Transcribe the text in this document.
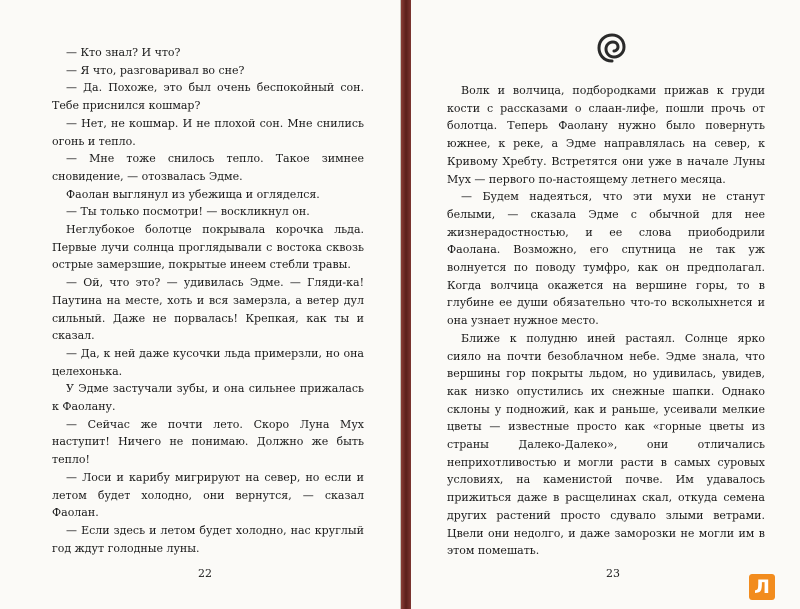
— Кто знал? И что?

— Я что, разговаривал во сне?

— Да. Похоже, это был очень беспокойный сон. Тебе приснился кошмар?

— Нет, не кошмар. И не плохой сон. Мне снились огонь и тепло.

— Мне тоже снилось тепло. Такое зимнее сновидение, — отозвалась Эдме.

Фаолан выглянул из убежища и огляделся.

— Ты только посмотри! — воскликнул он.

Неглубокое болотце покрывала корочка льда. Первые лучи солнца проглядывали с востока сквозь острые замерзшие, покрытые инеем стебли травы.

— Ой, что это? — удивилась Эдме. — Гляди-ка! Паутина на месте, хоть и вся замерзла, а ветер дул сильный. Даже не порвалась! Крепкая, как ты и сказал.

— Да, к ней даже кусочки льда примерзли, но она целехонька.

У Эдме застучали зубы, и она сильнее прижалась к Фаолану.

— Сейчас же почти лето. Скоро Луна Мух наступит! Ничего не понимаю. Должно же быть тепло!

— Лоси и карибу мигрируют на север, но если и летом будет холодно, они вернутся, — сказал Фаолан.

— Если здесь и летом будет холодно, нас круглый год ждут голодные луны.

22

Волк и волчица, подбородками прижав к груди кости с рассказами о слаан-лифе, пошли прочь от болотца. Теперь Фаолану нужно было повернуть южнее, к реке, а Эдме направлялась на север, к Кривому Хребту. Встретятся они уже в начале Луны Мух — первого по-настоящему летнего месяца.

— Будем надеяться, что эти мухи не станут белыми, — сказала Эдме с обычной для нее жизнерадостностью, и ее слова приободрили Фаолана. Возможно, его спутница не так уж волнуется по поводу тумфро, как он предполагал. Когда волчица окажется на вершине горы, то в глубине ее души обязательно что-то всколыхнется и она узнает нужное место.

Ближе к полудню иней растаял. Солнце ярко сияло на почти безоблачном небе. Эдме знала, что вершины гор покрыты льдом, но удивилась, увидев, как низко опустились их снежные шапки. Однако склоны у подножий, как и раньше, усеивали мелкие цветы — известные просто как «горные цветы из страны Далеко-Далеко», они отличались неприхотливостью и могли расти в самых суровых условиях, на каменистой почве. Им удавалось прижиться даже в расщелинах скал, откуда семена других растений просто сдувало злыми ветрами. Цвели они недолго, и даже заморозки не могли им в этом помешать.

23
Л
